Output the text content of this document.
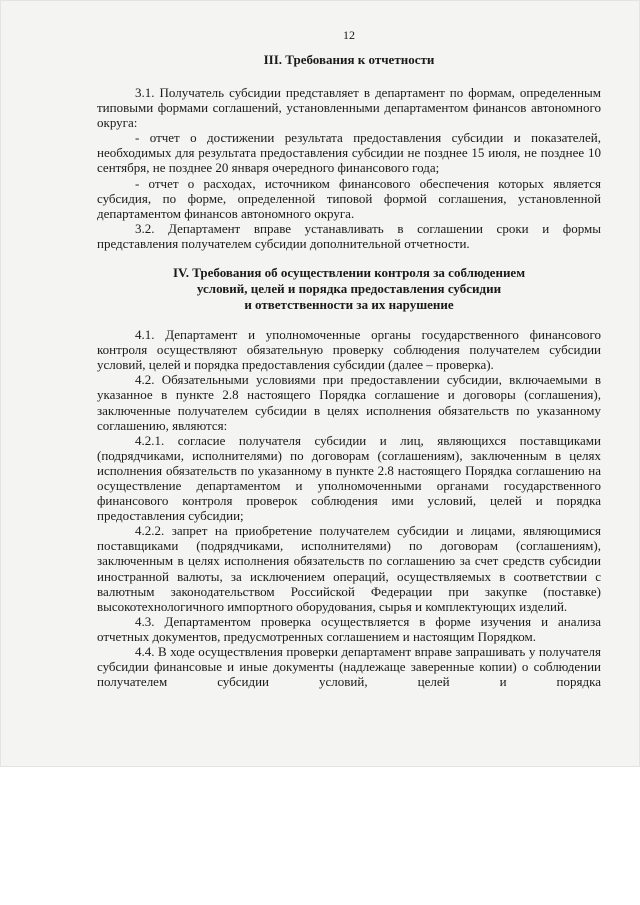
12
III. Требования к отчетности

3.1. Получатель субсидии представляет в департамент по формам, определенным типовыми формами соглашений, установленными департаментом финансов автономного округа:

- отчет о достижении результата предоставления субсидии и показателей, необходимых для результата предоставления субсидии не позднее 15 июля, не позднее 10 сентября, не позднее 20 января очередного финансового года;

- отчет о расходах, источником финансового обеспечения которых является субсидия, по форме, определенной типовой формой соглашения, установленной департаментом финансов автономного округа.

3.2. Департамент вправе устанавливать в соглашении сроки и формы представления получателем субсидии дополнительной отчетности.

IV. Требования об осуществлении контроля за соблюдением
условий, целей и порядка предоставления субсидии
и ответственности за их нарушение

4.1. Департамент и уполномоченные органы государственного финансового контроля осуществляют обязательную проверку соблюдения получателем субсидии условий, целей и порядка предоставления субсидии (далее – проверка).

4.2. Обязательными условиями при предоставлении субсидии, включаемыми в указанное в пункте 2.8 настоящего Порядка соглашение и договоры (соглашения), заключенные получателем субсидии в целях исполнения обязательств по указанному соглашению, являются:

4.2.1. согласие получателя субсидии и лиц, являющихся поставщиками (подрядчиками, исполнителями) по договорам (соглашениям), заключенным в целях исполнения обязательств по указанному в пункте 2.8 настоящего Порядка соглашению на осуществление департаментом и уполномоченными органами государственного финансового контроля проверок соблюдения ими условий, целей и порядка предоставления субсидии;

4.2.2. запрет на приобретение получателем субсидии и лицами, являющимися поставщиками (подрядчиками, исполнителями) по договорам (соглашениям), заключенным в целях исполнения обязательств по соглашению за счет средств субсидии иностранной валюты, за исключением операций, осуществляемых в соответствии с валютным законодательством Российской Федерации при закупке (поставке) высокотехнологичного импортного оборудования, сырья и комплектующих изделий.

4.3. Департаментом проверка осуществляется в форме изучения и анализа отчетных документов, предусмотренных соглашением и настоящим Порядком.

4.4. В ходе осуществления проверки департамент вправе запрашивать у получателя субсидии финансовые и иные документы (надлежаще заверенные копии) о соблюдении получателем субсидии условий, целей и порядка
